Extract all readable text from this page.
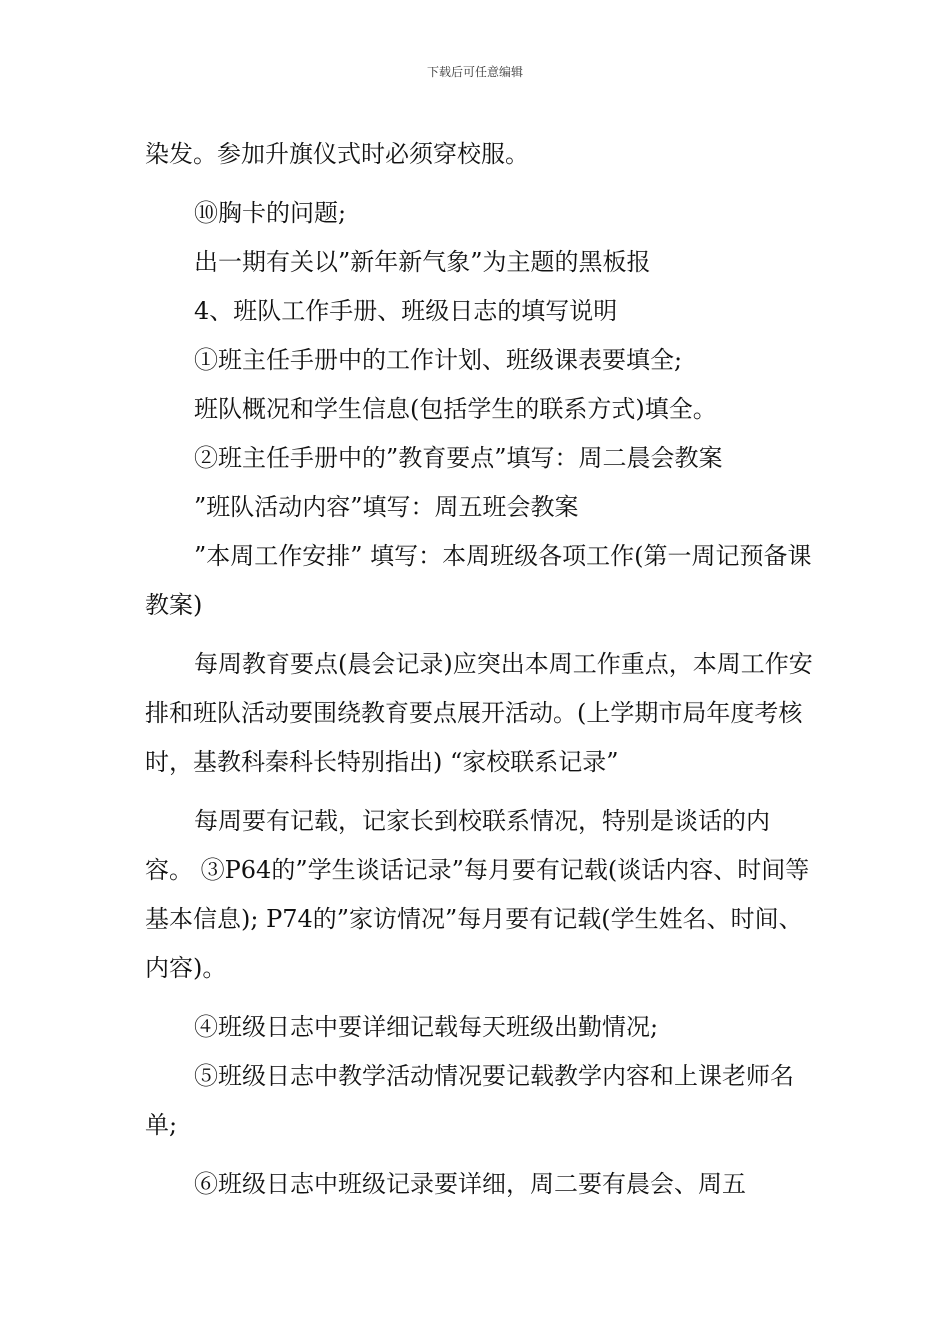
下载后可任意编辑

染发。参加升旗仪式时必须穿校服。

⑩胸卡的问题;

出一期有关以”新年新气象”为主题的黑板报

4、班队工作手册、班级日志的填写说明

①班主任手册中的工作计划、班级课表要填全;

班队概况和学生信息(包括学生的联系方式)填全。

②班主任手册中的”教育要点”填写：周二晨会教案

”班队活动内容”填写：周五班会教案

”本周工作安排” 填写：本周班级各项工作(第一周记预备课教案)

每周教育要点(晨会记录)应突出本周工作重点，本周工作安排和班队活动要围绕教育要点展开活动。(上学期市局年度考核时，基教科秦科长特别指出) “家校联系记录”

每周要有记载，记家长到校联系情况，特别是谈话的内容。 ③P64的”学生谈话记录”每月要有记载(谈话内容、时间等基本信息); P74的”家访情况”每月要有记载(学生姓名、时间、内容)。

④班级日志中要详细记载每天班级出勤情况;

⑤班级日志中教学活动情况要记载教学内容和上课老师名单;

⑥班级日志中班级记录要详细，周二要有晨会、周五
